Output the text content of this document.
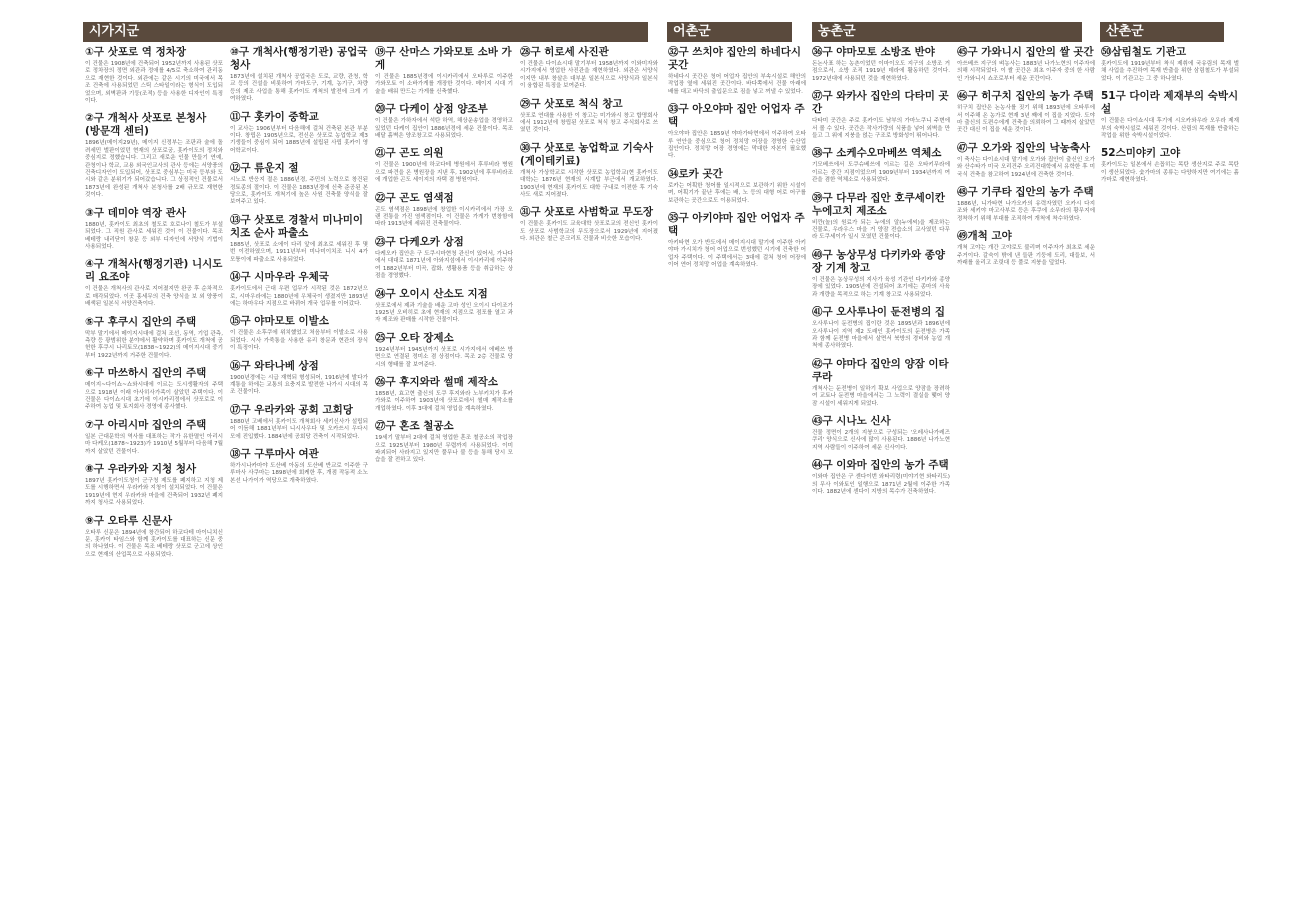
시가지군	어촌군	농촌군	산촌군
①구 삿포로 역 정차장
이 건물은 1908년에 건축되어 1952년까지 사용된 삿포로 정차장의 정면 외관과 정애를 4/5로 축소하여 관리동으로 재현한 것이다. 외관에는 같은 시기의 미국에서 목조 건축에 사용되었던 스틱 스타일이라는 형식이 도입되었으며, 외벽판과 기둥(조적) 등을 사용한 디자인이 특징이다.
②구 개척사 삿포로 본청사 (방문객 센터)
1896년(메이지29년), 메이지 신정부는 조판과 술에 돌려세민 벌판이었던 현재의 삿포로궁, 홋카이도의 정치와 중심지로 정했습니다. 그리고 새로운 인물 만들기 연예, 관청이나 학교, 교용 외국인교사의 관사 등에는 서양풍의 건축디자인이 도입되어, 삿포로 중심부는 미국 등부와 도시와 같은 분위기가 되어갔습니다. 그 상징적인 건물로서 1873년에 완성된 개척사 본청사를 2배 규모로 재현한 것이다.
③구 데미야 역장 관사
1880년, 홋카이도 최초의 철도로 호로나이 철도가 부설되었다. 그 직원 관사로 세워진 것이 이 건물이다. 목조 베테랑 내리닫이 창문 등 외부 디자인에 서양식 기법이 사용되었다.
④구 개척사(행정기관) 니시도리 요조야
이 건물은 개척사의 관사로 지어졌지만 완공 후 순차적으로 매각되었다. 이곳 홍세무의 건축 양식을 보 외 양풍이 배색된 일본식 서양건축이다.
⑤구 후쿠시 집안의 주택
막부 말기에서 메이지시대에 걸쳐 조선, 동역, 기업 관측, 측량 등 광범위한 분야에서 활약하며 홋카이도 개척에 공헌한 후쿠시 나리토모(1838~1922)의 메이지시대 중기부터 1922년까지 거주한 건물이다.
⑥구 마쓰하시 집안의 주택
메이지~다이쇼~쇼와시대에 이르는 도시생활자의 주택으로 1918년 이래 아사히사가족이 살았던 주택이다. 이 건물은 다이쇼시대 초기에 이시카리정에서 삿포로로 이주하여 농업 및 토지회사 경영에 종사했다.
⑦구 아리시마 집안의 주택
일본 근대문학의 역사를 대표하는 작가 유한멸인 아리시마 다케오(1878~1923)가 1910년 5월부터 다음해 7월까지 살았던 건물이다.
⑧구 우라카와 지청 청사
1897년 홋카이도청이 군구청 제도를 폐지하고 지청 제도를 시행하면서 우라카와 지청이 설치되었다. 이 건물은 1919년에 현지 우라카와 마을에 건축되어 1932년 폐지 까지 청사로 사용되었다.
⑨구 오타루 신문사
오타루 신문은 1894년에 창간되어 하코다테 마이니치신문, 홋카이 타임스와 함께 홋카이도를 대표하는 신문 중의 하나였다. 이 건물은 목조 베테랑 삿포로 군고에 상인으로 현재의 산업목으로 사용되었다.
⑩구 개척사(행정기관) 공업국 청사
1873년에 설치된 개척사 공업국은 도로, 교량, 관청, 학교 등의 건설을 비롯하여 가마도구, 기계, 농기구, 차량 등의 제조 사업을 통해 홋카이도 개척의 발전에 크게 기여하였다.
⑪구 홋카이 중학교
이 교사는 1906년부터 다음해에 걸쳐 건축된 본관 부분이다. 창립은 1905년으로, 전신은 삿포로 농업학교 제3기생들이 중심이 되어 1885년에 설립된 사립 홋카이 영어학교이다.
⑫구 류운지 절
시노로 반응지 절은 1886년경, 주민의 노력으로 창건된 정토종의 절이다. 이 건물은 1883년경에 신축 준공된 본당으로, 홋카이도 개척기에 높은 사원 건축물 양식을 잘 보여주고 있다.
⑬구 삿포로 경찰서 미나미이치조 순사 파출소
1885년, 삿포로 소에이 다리 앞에 최초로 세워진 후 몇 번 이전하였으며, 1911년부터 미나미이치조 니시 4가 모퉁이에 파출소로 사용되었다.
⑭구 시마우라 우체국
홋카이도에서 근대 우편 업무가 시작된 것은 1872년으로, 시마우라에는 1880년에 우체국이 생겼지만 1893년에는 하마우다 지점으로 바뀌어 개국 업무를 이어갔다.
⑮구 야마모토 이발소
이 건물은 소후쿠에 위치했었고 처음부터 이발소로 사용되었다. 시사 가죽통을 사용한 유리 창문과 현관의 장식이 특징이다.
⑯구 와타나베 상점
1900년경에는 시급 재혁되 형성되어, 1916년에 발다가 계통을 하에는 교통의 요충지로 발전한 나가시 시대의 목조 건물이다.
⑰구 우라카와 공회 고회당
1880년 고베에서 홋카이도 개척회사 세키신사가 설립되어 이듬해 1881년부터 니시사우다 및 오카쓰시 우다시 모에 진입했다. 1884년에 공회당 건축이 시작되었다.
⑱구 구루마사 여관
하가시나카마야 도산베 아동의 도산베 반교로 이주한 구루마사 사쿠마는 1898년에 회케한 후, 개점 작동적 소노 본선 나가이가 역당으로 개축하였다.
⑲구 산마스 가와모토 소바 가게
이 건물은 1885년경에 이시카리에서 오타루로 이주한 가와모토 이 소바가게를 개장한 것이다. 메이지 시대 기술을 배워 만드는 가게를 신축했다.
⑳구 다케이 상점 양조부
이 건물은 가하자에서 석탄 하역, 해상운송업을 경영하고 있었던 다케이 집안이 1886년경에 세운 건물이다. 목조 배달 흙벽은 양조창고로 사용되었다.
㉑구 곤도 의원
이 건물은 1900년에 하코다테 병원에서 후루비라 병원으로 파견을 온 병원장을 지낸 후, 1902년에 후루비라조에 개업한 곤도 세이지의 자택 겸 병원이다.
㉒구 곤도 염색점
곤도 염색점은 1898년에 창업한 이시카리에서 가장 오랜 전통을 가진 염색점이다. 이 건물은 가게가 번창함에 따라 1913년에 세워진 건축물이다.
㉓구 다케오카 상점
다케오카 집안은 구 도쿠시마현청 관신이 있어서, 가나다에서 대대로 1871년에 아와지섬에서 이시카리에 이주하여 1882년부터 미곡, 잡화, 생활용품 등을 취급하는 상점을 경영했다.
㉔구 오이시 산소도 지점
삿포로에서 제과 기술을 배운 고마 성인 오이시 다이조가 1925년 오비히로 초에 현재의 지점으로 점포를 열고 과자 제조와 판매를 시작한 건물이다.
㉕구 오타 장제소
1924년부터 1945년까지 삿포로 시가지에서 에베쓰 방면으로 연결된 정미소 겸 상점이다. 목조 2층 건물로 당시의 형태를 잘 보여준다.
㉖구 후지와라 썰매 제작소
1858년, 효고현 출신의 도쿠 후지와라 노부키치가 후카가와로 이주하여 1903년에 삿포로에서 썰매 제작소를 개업하였다. 이후 3대에 걸쳐 영업을 계속하였다.
㉗구 혼조 철공소
19세기 말부터 2대에 걸쳐 영업한 혼조 철공소의 작업장으로 1925년부터 1980년 무렵까지 사용되었다. 이미 파괴되어 사라지고 있지만 풀무나 불 등을 통해 당시 모습을 잘 전하고 있다.
㉘구 히로세 사진관
이 건물은 다이쇼시대 말기부터 1958년까지 이와미자와 시가지에서 영업한 사진관을 재현하였다. 외관은 서양식이지만 내부 창살은 대부분 일본식으로 서양식과 일본식이 융합된 특징을 보여준다.
㉙구 삿포로 척식 창고
삿포로 연대를 사용한 이 창고는 미가와시 창고 합명회사에서 1912년에 창립된 삿포로 척식 창고 주식회사로 쓰였던 것이다.
㉚구 삿포로 농업학교 기숙사 (게이테키료)
개척사 가상학교로 시작한 삿포로 농업학교(현 홋카이도 대학)는 1876년 현재의 시계탑 부근에서 개교하였다. 1903년에 현재의 홋카이도 대학 구내로 이전한 후 기숙사도 새로 지어졌다.
㉛구 삿포로 사범학교 무도장
이 건물은 홋카이도 교육대학 삿포로교의 전신인 홋카이도 삿포로 사범학교의 무도장으로서 1929년에 지어졌다. 외관은 철근 콘크리트 건물과 비슷한 모습이다.
㉜구 쓰치야 집안의 하네다시 곳간
하네다시 곳간은 청어 어업자 집안의 부속시설로 해안의 작업장 옆에 세워진 곳간이다. 바다쪽에서 건물 아래에 배를 대고 바닥의 출입문으로 짐을 넣고 꺼낼 수 있었다.
㉝구 아오야마 집안 어업자 주택
아오야마 집안은 1859년 야마가타현에서 이주하여 오타루 연안을 중심으로 청어 정치망 어장을 경영한 수산업 집안이다. 정치망 어장 경영에는 막대한 자본이 필요했다.
㉞로카 곳간
로카는 어획한 청어를 일시적으로 보관하기 위한 시설이며, 어획기가 끝난 후에는 배, 노 등의 대형 어로 어구를 보관하는 곳간으로도 이용되었다.
㉟구 아키야마 집안 어업자 주택
아키타현 오가 반도에서 메이지시대 말기에 이주한 아키야마 가시치가 청어 어업으로 번성했던 시기에 건축한 어업자 주택이다. 이 주택에서는 3대에 걸쳐 청어 어장에 이어 연어 정치망 어업을 계속하였다.
㊱구 야마모토 소방조 반야
돈논사표 하는 농촌이었던 이마이오도 지구의 소방조 거점으로서, 소방 조직 1919년 데라에 활동하던 것이다. 1972년대에 사용되던 것을 재현하였다.
㊲구 와카사 집안의 다타미 곳간
다타미 곳간은 주로 홋카이도 남부의 가마노쿠니 주변에서 볼 수 있다. 곳간은 작사가량의 식품을 넣어 외벽을 만들고 그 위에 지붕을 얹는 구조로 방화성이 뛰어나다.
㊳구 소케수오마베쓰 역체소
기모베쓰에서 도쿠슈베쓰에 이르는 길은 오타키무라에 이르는 중간 지점이었으며 1909년부터 1934년까지 여관을 겸한 역체소로 사용되었다.
㊴구 다무라 집안 호쿠세이칸 누에고치 제조소
비깐(놀)의 원료가 되는 누에의 알(누에씨)을 제조하는 건물로, 우라우스 마을 거 양잠 전습소의 교사였던 다무라 도쿠세이가 일시 모였던 건물이다.
㊵구 농상무성 다키카와 종양장 기계 창고
이 건물은 농상무성의 지사가 육성 기관인 다키카와 종양장에 있었다. 1905년에 건설되어 초기에는 종마의 사육과 개량을 목적으로 하는 기계 창고로 사용되었다.
㊶구 오사루나이 둔전병의 집
오사루나이 둔전병의 집이란 것은 1895년과 1896년에 오사루나이 지역 제2 도래인 홋카이도의 둔전병은 가족과 함께 둔전병 마을에서 살면서 북방의 경비와 농업 개척에 종사하였다.
㊷구 야마다 집안의 양잠 이타쿠라
개척사는 둔전병이 일하기 확보 사업으로 양잠을 장려하여 교토나 둔전병 마을에서는 그 노력이 결실을 맺어 양잠 시설이 세워지게 되었다.
㊸구 시나노 신사
건물 정면이 2개의 지붕으로 구성되는 '오레사나가레즈쿠리' 양식으로 신사에 많이 사용된다. 1886년 나가노현 지역 사람들이 이주하여 세운 신사이다.
㊹구 이와마 집안의 농가 주택
이와마 집안은 구 센다이번 와타리령(미야기현 와타리도)의 무사 이와토인 일행으로 1871년 2월에 이주한 가족이다. 1882년에 센다이 지방의 목수가 건축하였다.
㊺구 가와니시 집안의 쌀 곳간
아쓰베쓰 지구의 벼농사는 1883년 나가노현의 이주자에 의해 시작되었다. 이 쌀 곳간은 최초 이주자 중의 한 사람인 가와니시 쇼조로부터 세운 곳간이다.
㊻구 히구치 집안의 농가 주택
히구치 집안은 논농사를 짓기 위해 1893년에 오타루에서 이주해 온 농가로 현재 3년 째에 이 집을 지었다. 도야마 출신의 도편수에게 건축을 의뢰하여 그 때까지 살았던 곳간 대신 이 집을 세운 것이다.
㊼구 오가와 집안의 낙농축사
이 축사는 다이쇼시대 말기에 오가와 집안이 출신인 오가와 산수타가 미국 오리건주 오리건대학에서 유학한 후 미국식 건축을 참고하여 1924년에 건축한 것이다.
㊽구 기쿠타 집안의 농가 주택
1886년, 니가타현 나가오카의 유력자였던 오카시 다지조와 세키야 마고사부로 등은 후쿠에 소무라의 황무지에 정착하기 위해 부대를 조직하여 개척에 착수하였다.
㊾개척 고야
개척 고야는 개간 고야로도 불리며 이주자가 최초로 세운 주거이다. 갈숙이 밖에 낸 들판 기둥에 도리, 대들보, 서까래를 올리고 조릿대 등 풀로 지붕을 덮었다.
㊿삼림철도 기관고
홋카이도에 1919년부터 착식 제취에 국유림의 목재 벌채 사업을 추진하여 목재 반출을 위한 삼림철도가 부설되었다. 이 기관고는 그 중 하나였다.
51구 다이라 제재부의 숙박시설
이 건물은 다이쇼시대 후기에 시오카와우라 오우라 제재부의 숙박시설로 세워진 것이다. 산림의 목재를 반출하는 작업을 위한 숙박시설이었다.
52스미야키 고야
홋카이도는 일본에서 손꼽히는 목탄 생산지로 주로 목탄이 생산되었다. 숯가마의 종류는 다양하지만 여기에는 흙가마로 재현하였다.
